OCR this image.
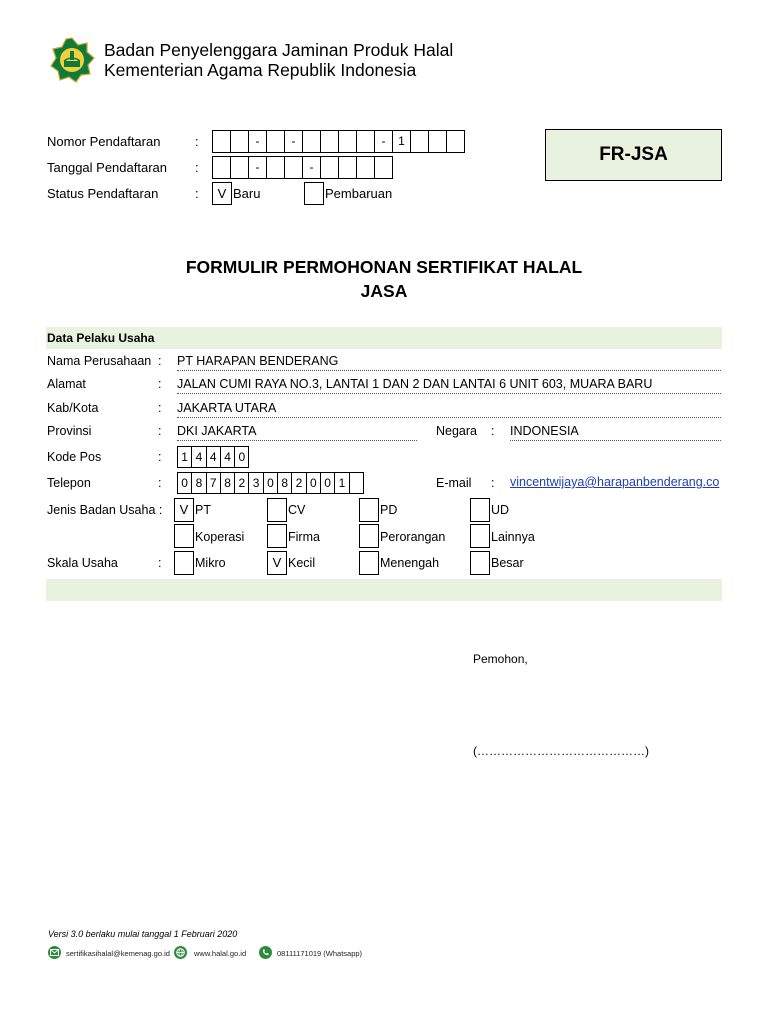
Badan Penyelenggara Jaminan Produk Halal
Kementerian Agama Republik Indonesia
Nomor Pendaftaran	:	-	-	-	1
Tanggal Pendaftaran :	-	-
Status Pendaftaran	:	V Baru	Pembaruan
FR-JSA
FORMULIR PERMOHONAN SERTIFIKAT HALAL
JASA
Data Pelaku Usaha
Nama Perusahaan : PT HARAPAN BENDERANG
Alamat	: JALAN CUMI RAYA NO.3, LANTAI 1 DAN 2 DAN LANTAI 6 UNIT 603, MUARA BARU
Kab/Kota	: JAKARTA UTARA
Provinsi	: DKI JAKARTA	Negara : INDONESIA
Kode Pos	:	1 4 4 4 0
Telepon	:	0 8 7 8 2 3 0 8 2 0 0 1	E-mail : vincentwijaya@harapanbenderang.co
Jenis Badan Usaha :	V PT	CV	PD	UD
Koperasi	Firma	Perorangan	Lainnya
Skala Usaha	:	Mikro	V Kecil	Menengah	Besar
Pemohon,
(……………………………………)
Versi 3.0 berlaku mulai tanggal 1 Februari 2020
sertifikasihalal@kemenag.go.id	www.halal.go.id	08111171019 (Whatsapp)
